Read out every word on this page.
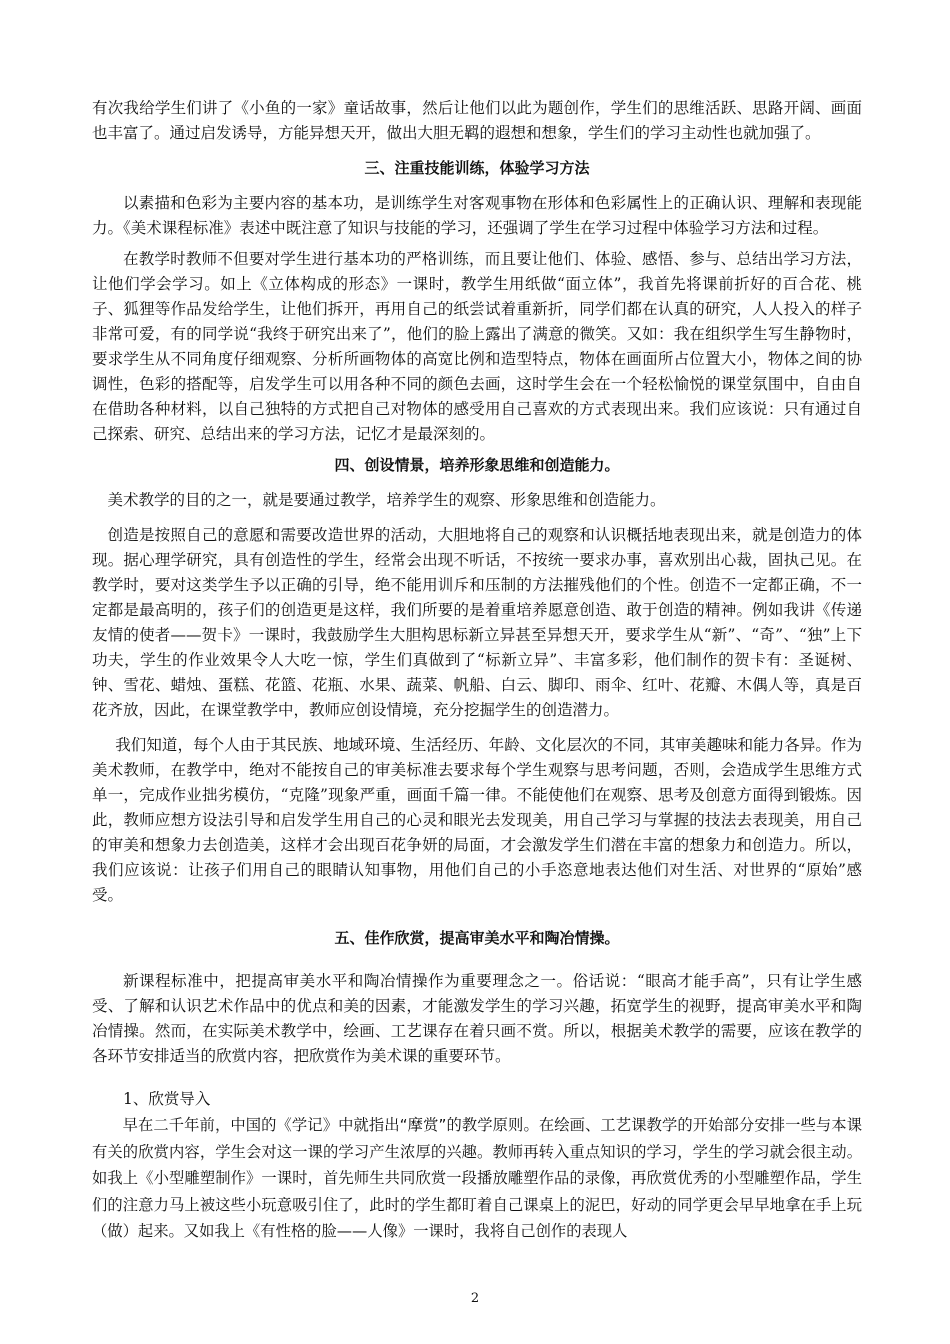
有次我给学生们讲了《小鱼的一家》童话故事，然后让他们以此为题创作，学生们的思维活跃、思路开阔、画面也丰富了。通过启发诱导，方能异想天开，做出大胆无羁的遐想和想象，学生们的学习主动性也就加强了。

三、注重技能训练，体验学习方法

以素描和色彩为主要内容的基本功，是训练学生对客观事物在形体和色彩属性上的正确认识、理解和表现能力。《美术课程标准》表述中既注意了知识与技能的学习，还强调了学生在学习过程中体验学习方法和过程。

在教学时教师不但要对学生进行基本功的严格训练，而且要让他们、体验、感悟、参与、总结出学习方法，让他们学会学习。如上《立体构成的形态》一课时，教学生用纸做“面立体”，我首先将课前折好的百合花、桃子、狐狸等作品发给学生，让他们拆开，再用自己的纸尝试着重新折，同学们都在认真的研究，人人投入的样子非常可爱，有的同学说“我终于研究出来了”，他们的脸上露出了满意的微笑。又如：我在组织学生写生静物时，要求学生从不同角度仔细观察、分析所画物体的高宽比例和造型特点，物体在画面所占位置大小，物体之间的协调性，色彩的搭配等，启发学生可以用各种不同的颜色去画，这时学生会在一个轻松愉悦的课堂氛围中，自由自在借助各种材料，以自己独特的方式把自己对物体的感受用自己喜欢的方式表现出来。我们应该说：只有通过自己探索、研究、总结出来的学习方法，记忆才是最深刻的。

四、创设情景，培养形象思维和创造能力。

美术教学的目的之一，就是要通过教学，培养学生的观察、形象思维和创造能力。

创造是按照自己的意愿和需要改造世界的活动，大胆地将自己的观察和认识概括地表现出来，就是创造力的体现。据心理学研究，具有创造性的学生，经常会出现不听话，不按统一要求办事，喜欢别出心裁，固执己见。在教学时，要对这类学生予以正确的引导，绝不能用训斥和压制的方法摧残他们的个性。创造不一定都正确，不一定都是最高明的，孩子们的创造更是这样，我们所要的是着重培养愿意创造、敢于创造的精神。例如我讲《传递友情的使者——贺卡》一课时，我鼓励学生大胆构思标新立异甚至异想天开，要求学生从“新”、“奇”、“独”上下功夫，学生的作业效果令人大吃一惊，学生们真做到了“标新立异”、丰富多彩，他们制作的贺卡有：圣诞树、钟、雪花、蜡烛、蛋糕、花篮、花瓶、水果、蔬菜、帆船、白云、脚印、雨伞、红叶、花瓣、木偶人等，真是百花齐放，因此，在课堂教学中，教师应创设情境，充分挖掘学生的创造潜力。

我们知道，每个人由于其民族、地域环境、生活经历、年龄、文化层次的不同，其审美趣味和能力各异。作为美术教师，在教学中，绝对不能按自己的审美标准去要求每个学生观察与思考问题，否则，会造成学生思维方式单一，完成作业拙劣模仿，“克隆”现象严重，画面千篇一律。不能使他们在观察、思考及创意方面得到锻炼。因此，教师应想方设法引导和启发学生用自己的心灵和眼光去发现美，用自己学习与掌握的技法去表现美，用自己的审美和想象力去创造美，这样才会出现百花争妍的局面，才会激发学生们潜在丰富的想象力和创造力。所以，我们应该说：让孩子们用自己的眼睛认知事物，用他们自己的小手恣意地表达他们对生活、对世界的“原始”感受。

五、佳作欣赏，提高审美水平和陶冶情操。

新课程标准中，把提高审美水平和陶冶情操作为重要理念之一。俗话说：“眼高才能手高”，只有让学生感受、了解和认识艺术作品中的优点和美的因素，才能激发学生的学习兴趣，拓宽学生的视野，提高审美水平和陶冶情操。然而，在实际美术教学中，绘画、工艺课存在着只画不赏。所以，根据美术教学的需要，应该在教学的各环节安排适当的欣赏内容，把欣赏作为美术课的重要环节。

1、欣赏导入

早在二千年前，中国的《学记》中就指出“摩赏”的教学原则。在绘画、工艺课教学的开始部分安排一些与本课有关的欣赏内容，学生会对这一课的学习产生浓厚的兴趣。教师再转入重点知识的学习，学生的学习就会很主动。如我上《小型雕塑制作》一课时，首先师生共同欣赏一段播放雕塑作品的录像，再欣赏优秀的小型雕塑作品，学生们的注意力马上被这些小玩意吸引住了，此时的学生都盯着自己课桌上的泥巴，好动的同学更会早早地拿在手上玩（做）起来。又如我上《有性格的脸——人像》一课时，我将自己创作的表现人

2
